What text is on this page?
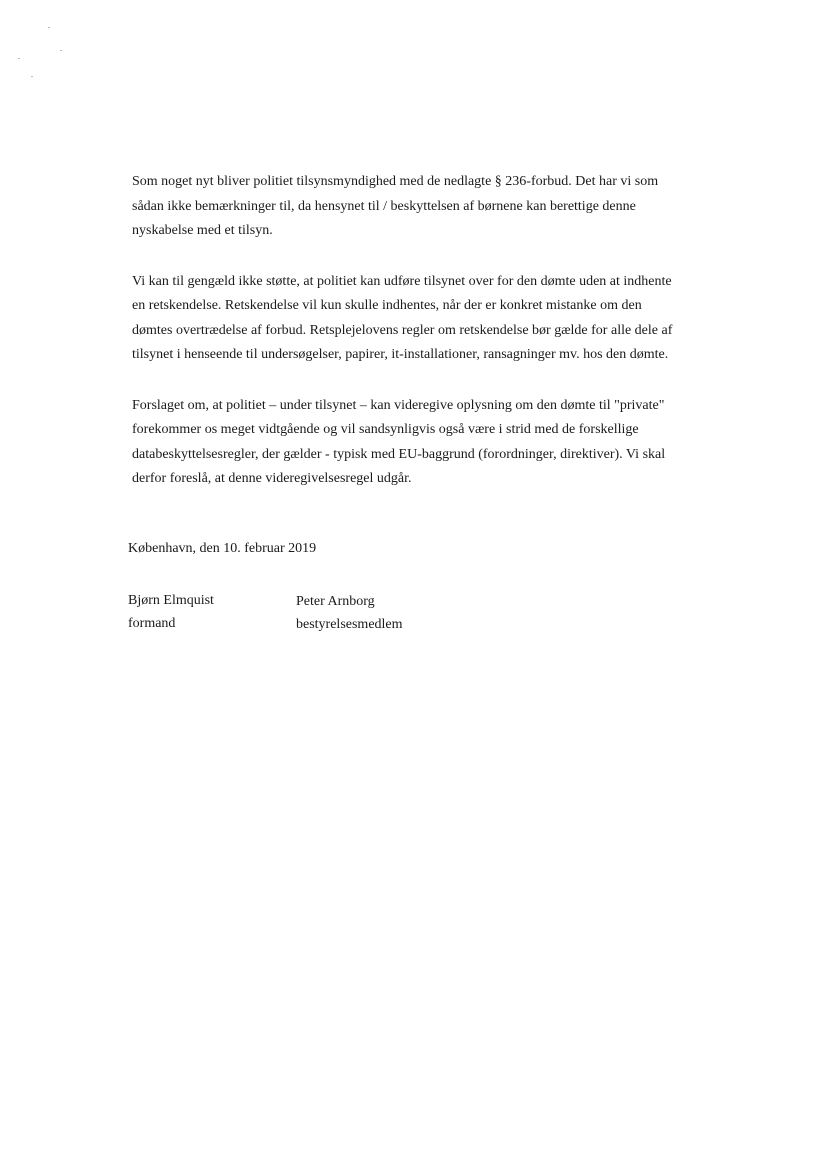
Som noget nyt bliver politiet tilsynsmyndighed med de nedlagte § 236-forbud. Det har vi som
sådan ikke bemærkninger til, da hensynet til / beskyttelsen af børnene kan berettige denne
nyskabelse med et tilsyn.

Vi kan til gengæld ikke støtte, at politiet kan udføre tilsynet over for den dømte uden at indhente
en retskendelse. Retskendelse vil kun skulle indhentes, når der er konkret mistanke om den
dømtes overtrædelse af forbud. Retsplejelovens regler om retskendelse bør gælde for alle dele af
tilsynet i henseende til undersøgelser, papirer, it-installationer, ransagninger mv. hos den dømte.

Forslaget om, at politiet – under tilsynet – kan videregive oplysning om den dømte til "private"
forekommer os meget vidtgående og vil sandsynligvis også være i strid med de forskellige
databeskyttelsesregler, der gælder - typisk med EU-baggrund (forordninger, direktiver). Vi skal
derfor foreslå, at denne videregivelsesregel udgår.

København, den 10. februar 2019
Bjørn Elmquist
formand
Peter Arnborg
bestyrelsesmedlem
